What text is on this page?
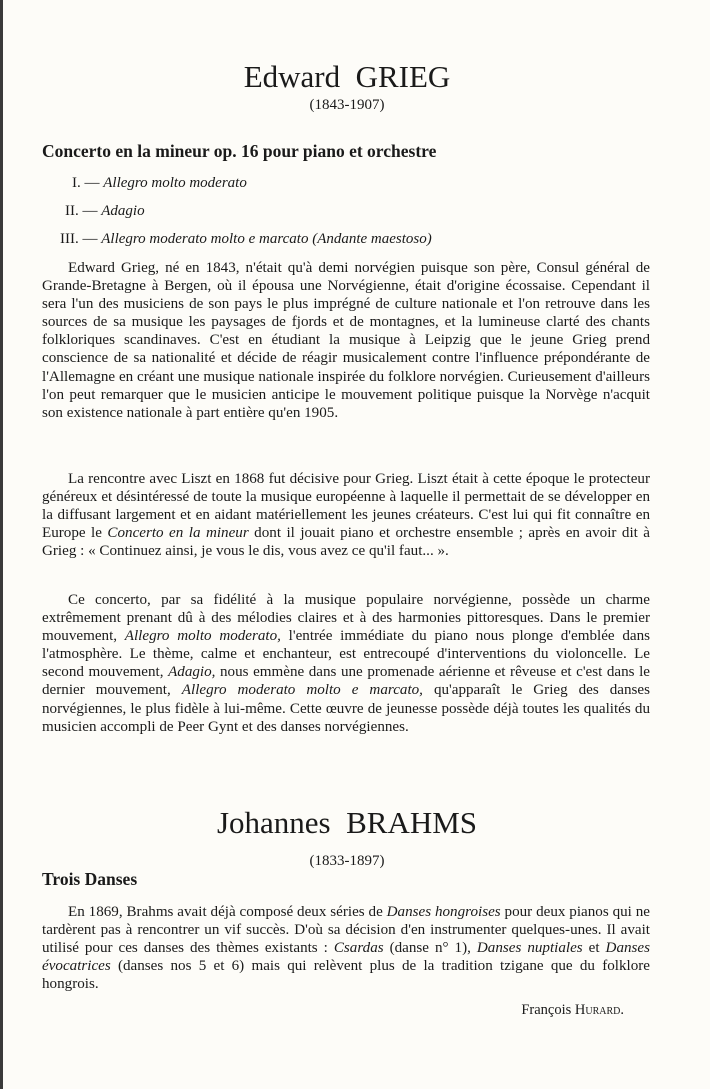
Edward GRIEG
(1843-1907)
Concerto en la mineur op. 16 pour piano et orchestre
I. — Allegro molto moderato
II. — Adagio
III. — Allegro moderato molto e marcato (Andante maestoso)

Edward Grieg, né en 1843, n'était qu'à demi norvégien puisque son père, Consul général de Grande-Bretagne à Bergen, où il épousa une Norvégienne, était d'origine écossaise. Cependant il sera l'un des musiciens de son pays le plus imprégné de culture nationale et l'on retrouve dans les sources de sa musique les paysages de fjords et de montagnes, et la lumineuse clarté des chants folkloriques scandinaves. C'est en étudiant la musique à Leipzig que le jeune Grieg prend conscience de sa nationalité et décide de réagir musicalement contre l'influence prépondérante de l'Allemagne en créant une musique nationale inspirée du folklore norvégien. Curieusement d'ailleurs l'on peut remarquer que le musicien anticipe le mouvement politique puisque la Norvège n'acquit son existence nationale à part entière qu'en 1905.

La rencontre avec Liszt en 1868 fut décisive pour Grieg. Liszt était à cette époque le protecteur généreux et désintéressé de toute la musique européenne à laquelle il permettait de se développer en la diffusant largement et en aidant matériellement les jeunes créateurs. C'est lui qui fit connaître en Europe le Concerto en la mineur dont il jouait piano et orchestre ensemble ; après en avoir dit à Grieg : « Continuez ainsi, je vous le dis, vous avez ce qu'il faut... ».

Ce concerto, par sa fidélité à la musique populaire norvégienne, possède un charme extrêmement prenant dû à des mélodies claires et à des harmonies pittoresques. Dans le premier mouvement, Allegro molto moderato, l'entrée immédiate du piano nous plonge d'emblée dans l'atmosphère. Le thème, calme et enchanteur, est entrecoupé d'interventions du violoncelle. Le second mouvement, Adagio, nous emmène dans une promenade aérienne et rêveuse et c'est dans le dernier mouvement, Allegro moderato molto e marcato, qu'apparaît le Grieg des danses norvégiennes, le plus fidèle à lui-même. Cette œuvre de jeunesse possède déjà toutes les qualités du musicien accompli de Peer Gynt et des danses norvégiennes.

Johannes BRAHMS
(1833-1897)
Trois Danses

En 1869, Brahms avait déjà composé deux séries de Danses hongroises pour deux pianos qui ne tardèrent pas à rencontrer un vif succès. D'où sa décision d'en instrumenter quelques-unes. Il avait utilisé pour ces danses des thèmes existants : Csardas (danse n° 1), Danses nuptiales et Danses évocatrices (danses nos 5 et 6) mais qui relèvent plus de la tradition tzigane que du folklore hongrois.

François Hurard.
